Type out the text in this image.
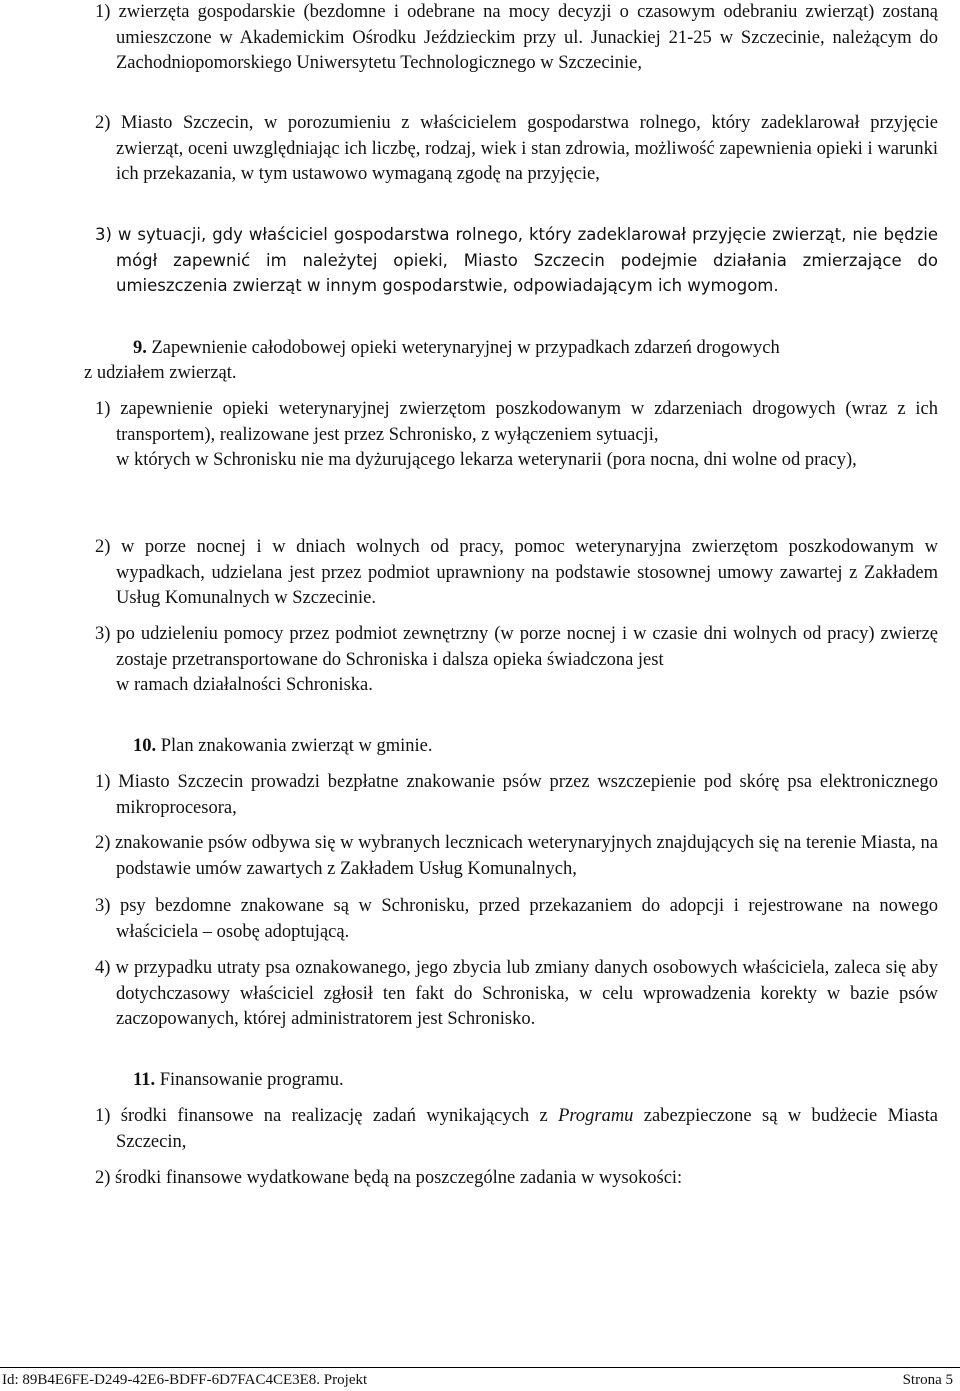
1) zwierzęta gospodarskie (bezdomne i odebrane na mocy decyzji o czasowym odebraniu zwierząt) zostaną umieszczone w Akademickim Ośrodku Jeździeckim przy ul. Junackiej 21-25 w Szczecinie, należącym do Zachodniopomorskiego Uniwersytetu Technologicznego w Szczecinie,

2) Miasto Szczecin, w porozumieniu z właścicielem gospodarstwa rolnego, który zadeklarował przyjęcie zwierząt, oceni uwzględniając ich liczbę, rodzaj, wiek i stan zdrowia, możliwość zapewnienia opieki i warunki ich przekazania, w tym ustawowo wymaganą zgodę na przyjęcie,

3) w sytuacji, gdy właściciel gospodarstwa rolnego, który zadeklarował przyjęcie zwierząt, nie będzie mógł zapewnić im należytej opieki, Miasto Szczecin podejmie działania zmierzające do umieszczenia zwierząt w innym gospodarstwie, odpowiadającym ich wymogom.

9. Zapewnienie całodobowej opieki weterynaryjnej w przypadkach zdarzeń drogowych

z udziałem zwierząt.

1) zapewnienie opieki weterynaryjnej zwierzętom poszkodowanym w zdarzeniach drogowych (wraz z ich transportem), realizowane jest przez Schronisko, z wyłączeniem sytuacji,
w których w Schronisku nie ma dyżurującego lekarza weterynarii (pora nocna, dni wolne od pracy),

2) w porze nocnej i w dniach wolnych od pracy, pomoc weterynaryjna zwierzętom poszkodowanym w wypadkach, udzielana jest przez podmiot uprawniony na podstawie stosownej umowy zawartej z Zakładem Usług Komunalnych w Szczecinie.

3) po udzieleniu pomocy przez podmiot zewnętrzny (w porze nocnej i w czasie dni wolnych od pracy) zwierzę zostaje przetransportowane do Schroniska i dalsza opieka świadczona jest
w ramach działalności Schroniska.

10. Plan znakowania zwierząt w gminie.

1) Miasto Szczecin prowadzi bezpłatne znakowanie psów przez wszczepienie pod skórę psa elektronicznego mikroprocesora,

2) znakowanie psów odbywa się w wybranych lecznicach weterynaryjnych znajdujących się na terenie Miasta, na podstawie umów zawartych z Zakładem Usług Komunalnych,

3) psy bezdomne znakowane są w Schronisku, przed przekazaniem do adopcji i rejestrowane na nowego właściciela – osobę adoptującą.

4) w przypadku utraty psa oznakowanego, jego zbycia lub zmiany danych osobowych właściciela, zaleca się aby dotychczasowy właściciel zgłosił ten fakt do Schroniska, w celu wprowadzenia korekty w bazie psów zaczopowanych, której administratorem jest Schronisko.

11. Finansowanie programu.

1) środki finansowe na realizację zadań wynikających z Programu zabezpieczone są w budżecie Miasta Szczecin,

2) środki finansowe wydatkowane będą na poszczególne zadania w wysokości:

Id: 89B4E6FE-D249-42E6-BDFF-6D7FAC4CE3E8. Projekt	Strona 5
